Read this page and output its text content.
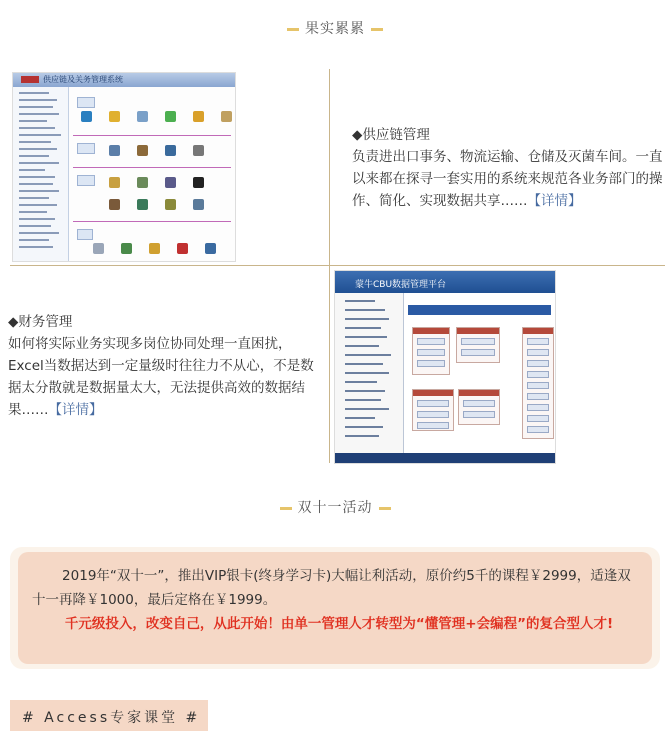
果实累累
供应链及关务管理系统

◆供应链管理
负责进出口事务、物流运输、仓储及灭菌车间。一直以来都在探寻一套实用的系统来规范各业务部门的操作、简化、实现数据共享……【详情】
◆财务管理
如何将实际业务实现多岗位协同处理一直困扰，Excel当数据达到一定量级时往往力不从心，不是数据太分散就是数据量太大，无法提供高效的数据结果……【详情】
蒙牛CBU数据管理平台
双十一活动
2019年“双十一”，推出VIP银卡(终身学习卡)大幅让利活动，原价约5千的课程￥2999，适逢双十一再降￥1000，最后定格在￥1999。
千元级投入，改变自己，从此开始！由单一管理人才转型为“懂管理+会编程”的复合型人才!
# Access专家课堂 #
